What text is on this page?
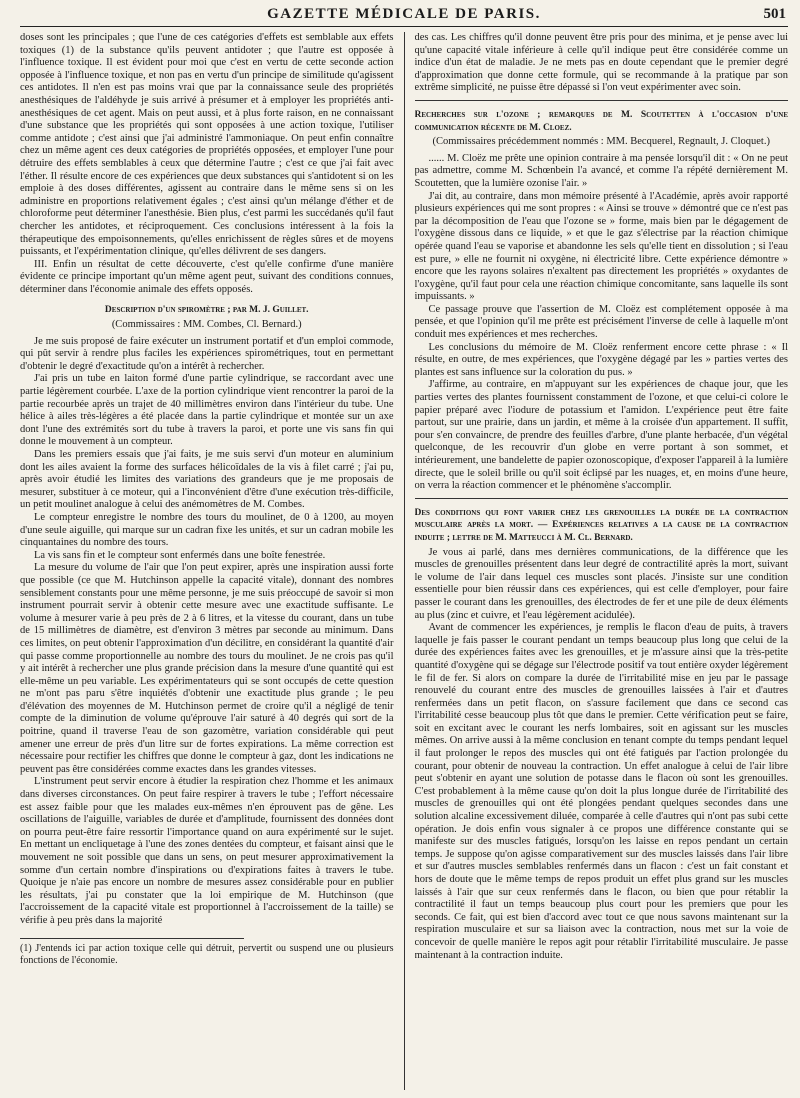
GAZETTE MÉDICALE DE PARIS.	501

doses sont les principales ; que l'une de ces catégories d'effets est semblable aux effets toxiques (1) de la substance qu'ils peuvent antidoter ; que l'autre est opposée à l'influence toxique. Il est évident pour moi que c'est en vertu de cette seconde action opposée à l'influence toxique, et non pas en vertu d'un principe de similitude qu'agissent ces antidotes. Il n'en est pas moins vrai que par la connaissance seule des propriétés anesthésiques de l'aldéhyde je suis arrivé à présumer et à employer les propriétés anti-anesthésiques de cet agent. Mais on peut aussi, et à plus forte raison, en ne connaissant d'une substance que les propriétés qui sont opposées à une action toxique, l'utiliser comme antidote ; c'est ainsi que j'ai administré l'ammoniaque. On peut enfin connaître chez un même agent ces deux catégories de propriétés opposées, et employer l'une pour détruire des effets semblables à ceux que détermine l'autre ; c'est ce que j'ai fait avec l'éther. Il résulte encore de ces expériences que deux substances qui s'antidotent si on les emploie à des doses différentes, agissent au contraire dans le même sens si on les administre en proportions relativement égales ; c'est ainsi qu'un mélange d'éther et de chloroforme peut déterminer l'anesthésie. Bien plus, c'est parmi les succédanés qu'il faut chercher les antidotes, et réciproquement. Ces conclusions intéressent à la fois la thérapeutique des empoisonnements, qu'elles enrichissent de règles sûres et de moyens puissants, et l'expérimentation clinique, qu'elles délivrent de ses dangers.

III. Enfin un résultat de cette découverte, c'est qu'elle confirme d'une manière évidente ce principe important qu'un même agent peut, suivant des conditions connues, déterminer dans l'économie animale des effets opposés.

Description d'un spiromètre ; par M. J. Guillet.

(Commissaires : MM. Combes, Cl. Bernard.)

Je me suis proposé de faire exécuter un instrument portatif et d'un emploi commode, qui pût servir à rendre plus faciles les expériences spirométriques, tout en permettant d'obtenir le degré d'exactitude qu'on a intérêt à rechercher.

J'ai pris un tube en laiton formé d'une partie cylindrique, se raccordant avec une partie légèrement courbée. L'axe de la portion cylindrique vient rencontrer la paroi de la partie recourbée après un trajet de 40 millimètres environ dans l'intérieur du tube. Une hélice à ailes très-légères a été placée dans la partie cylindrique et montée sur un axe dont l'une des extrémités sort du tube à travers la paroi, et porte une vis sans fin qui donne le mouvement à un compteur.

Dans les premiers essais que j'ai faits, je me suis servi d'un moteur en aluminium dont les ailes avaient la forme des surfaces hélicoïdales de la vis à filet carré ; j'ai pu, après avoir étudié les limites des variations des grandeurs que je me proposais de mesurer, substituer à ce moteur, qui a l'inconvénient d'être d'une exécution très-difficile, un petit moulinet analogue à celui des anémomètres de M. Combes.

Le compteur enregistre le nombre des tours du moulinet, de 0 à 1200, au moyen d'une seule aiguille, qui marque sur un cadran fixe les unités, et sur un cadran mobile les cinquantaines du nombre des tours.

La vis sans fin et le compteur sont enfermés dans une boîte fenestrée.

La mesure du volume de l'air que l'on peut expirer, après une inspiration aussi forte que possible (ce que M. Hutchinson appelle la capacité vitale), donnant des nombres sensiblement constants pour une même personne, je me suis préoccupé de savoir si mon instrument pourrait servir à obtenir cette mesure avec une exactitude suffisante. Le volume à mesurer varie à peu près de 2 à 6 litres, et la vitesse du courant, dans un tube de 15 millimètres de diamètre, est d'environ 3 mètres par seconde au minimum. Dans ces limites, on peut obtenir l'approximation d'un décilitre, en considérant la quantité d'air qui passe comme proportionnelle au nombre des tours du moulinet. Je ne crois pas qu'il y ait intérêt à rechercher une plus grande précision dans la mesure d'une quantité qui est elle-même un peu variable. Les expérimentateurs qui se sont occupés de cette question ne m'ont pas paru s'être inquiétés d'obtenir une exactitude plus grande ; le peu d'élévation des moyennes de M. Hutchinson permet de croire qu'il a négligé de tenir compte de la diminution de volume qu'éprouve l'air saturé à 40 degrés qui sort de la poitrine, quand il traverse l'eau de son gazomètre, variation considérable qui peut amener une erreur de près d'un litre sur de fortes expirations. La même correction est nécessaire pour rectifier les chiffres que donne le compteur à gaz, dont les indications ne peuvent pas être considérées comme exactes dans les grandes vitesses.

L'instrument peut servir encore à étudier la respiration chez l'homme et les animaux dans diverses circonstances. On peut faire respirer à travers le tube ; l'effort nécessaire est assez faible pour que les malades eux-mêmes n'en éprouvent pas de gêne. Les oscillations de l'aiguille, variables de durée et d'amplitude, fournissent des données dont on pourra peut-être faire ressortir l'importance quand on aura expérimenté sur le sujet. En mettant un encliquetage à l'une des zones dentées du compteur, et faisant ainsi que le mouvement ne soit possible que dans un sens, on peut mesurer approximativement la somme d'un certain nombre d'inspirations ou d'expirations faites à travers le tube. Quoique je n'aie pas encore un nombre de mesures assez considérable pour en publier les résultats, j'ai pu constater que la loi empirique de M. Hutchinson (que l'accroissement de la capacité vitale est proportionnel à l'accroissement de la taille) se vérifie à peu près dans la majorité

(1) J'entends ici par action toxique celle qui détruit, pervertit ou suspend une ou plusieurs fonctions de l'économie.

des cas. Les chiffres qu'il donne peuvent être pris pour des minima, et je pense avec lui qu'une capacité vitale inférieure à celle qu'il indique peut être considérée comme un indice d'un état de maladie. Je ne mets pas en doute cependant que le premier degré d'approximation que donne cette formule, qui se recommande à la pratique par son extrême simplicité, ne puisse être dépassé si l'on veut expérimenter avec soin.

Recherches sur l'ozone ; remarques de M. Scoutetten à l'occasion d'une communication récente de M. Cloez.

(Commissaires précédemment nommés : MM. Becquerel, Regnault, J. Cloquet.)

...... M. Cloëz me prête une opinion contraire à ma pensée lorsqu'il dit : « On ne peut pas admettre, comme M. Schœnbein l'a avancé, et comme l'a répété dernièrement M. Scoutetten, que la lumière ozonise l'air. »

J'ai dit, au contraire, dans mon mémoire présenté à l'Académie, après avoir rapporté plusieurs expériences qui me sont propres : « Ainsi se trouve » démontré que ce n'est pas par la décomposition de l'eau que l'ozone se » forme, mais bien par le dégagement de l'oxygène dissous dans ce liquide, » et que le gaz s'électrise par la réaction chimique opérée quand l'eau se vaporise et abandonne les sels qu'elle tient en dissolution ; si l'eau est pure, » elle ne fournit ni oxygène, ni électricité libre. Cette expérience démontre » encore que les rayons solaires n'exaltent pas directement les propriétés » oxydantes de l'oxygène, qu'il faut pour cela une réaction chimique concomitante, sans laquelle ils sont impuissants. »

Ce passage prouve que l'assertion de M. Cloëz est complétement opposée à ma pensée, et que l'opinion qu'il me prête est précisément l'inverse de celle à laquelle m'ont conduit mes expériences et mes recherches.

Les conclusions du mémoire de M. Cloëz renferment encore cette phrase : « Il résulte, en outre, de mes expériences, que l'oxygène dégagé par les » parties vertes des plantes est sans influence sur la coloration du pus. »

J'affirme, au contraire, en m'appuyant sur les expériences de chaque jour, que les parties vertes des plantes fournissent constamment de l'ozone, et que celui-ci colore le papier préparé avec l'iodure de potassium et l'amidon. L'expérience peut être faite partout, sur une prairie, dans un jardin, et même à la croisée d'un appartement. Il suffit, pour s'en convaincre, de prendre des feuilles d'arbre, d'une plante herbacée, d'un végétal quelconque, de les recouvrir d'un globe en verre portant à son sommet, et intérieurement, une bandelette de papier ozonoscopique, d'exposer l'appareil à la lumière directe, que le soleil brille ou qu'il soit éclipsé par les nuages, et, en moins d'une heure, on verra la réaction commencer et le phénomène s'accomplir.

Des conditions qui font varier chez les grenouilles la durée de la contraction musculaire après la mort. — Expériences relatives a la cause de la contraction induite ; lettre de M. Matteucci à M. Cl. Bernard.

Je vous ai parlé, dans mes dernières communications, de la différence que les muscles de grenouilles présentent dans leur degré de contractilité après la mort, suivant le volume de l'air dans lequel ces muscles sont placés. J'insiste sur une condition essentielle pour bien réussir dans ces expériences, qui est celle d'employer, pour faire passer le courant dans les grenouilles, des électrodes de fer et une pile de deux éléments au plus (zinc et cuivre, et l'eau légèrement acidulée).

Avant de commencer les expériences, je remplis le flacon d'eau de puits, à travers laquelle je fais passer le courant pendant un temps beaucoup plus long que celui de la durée des expériences faites avec les grenouilles, et je m'assure ainsi que la très-petite quantité d'oxygène qui se dégage sur l'électrode positif va tout entière oxyder légèrement le fil de fer. Si alors on compare la durée de l'irritabilité mise en jeu par le passage renouvelé du courant entre des muscles de grenouilles laissées à l'air et d'autres renfermées dans un petit flacon, on s'assure facilement que dans ce second cas l'irritabilité cesse beaucoup plus tôt que dans le premier. Cette vérification peut se faire, soit en excitant avec le courant les nerfs lombaires, soit en agissant sur les muscles mêmes. On arrive aussi à la même conclusion en tenant compte du temps pendant lequel il faut prolonger le repos des muscles qui ont été fatigués par l'action prolongée du courant, pour obtenir de nouveau la contraction. Un effet analogue à celui de l'air libre peut s'obtenir en ayant une solution de potasse dans le flacon où sont les grenouilles. C'est probablement à la même cause qu'on doit la plus longue durée de l'irritabilité des muscles de grenouilles qui ont été plongées pendant quelques secondes dans une solution alcaline excessivement diluée, comparée à celle d'autres qui n'ont pas subi cette opération. Je dois enfin vous signaler à ce propos une différence constante qui se manifeste sur des muscles fatigués, lorsqu'on les laisse en repos pendant un certain temps. Je suppose qu'on agisse comparativement sur des muscles laissés dans l'air libre et sur d'autres muscles semblables renfermés dans un flacon : c'est un fait constant et hors de doute que le même temps de repos produit un effet plus grand sur les muscles laissés à l'air que sur ceux renfermés dans le flacon, ou bien que pour rétablir la contractilité il faut un temps beaucoup plus court pour les premiers que pour les seconds. Ce fait, qui est bien d'accord avec tout ce que nous savons maintenant sur la respiration musculaire et sur sa liaison avec la contraction, nous met sur la voie de concevoir de quelle manière le repos agit pour rétablir l'irritabilité musculaire. Je passe maintenant à la contraction induite.
